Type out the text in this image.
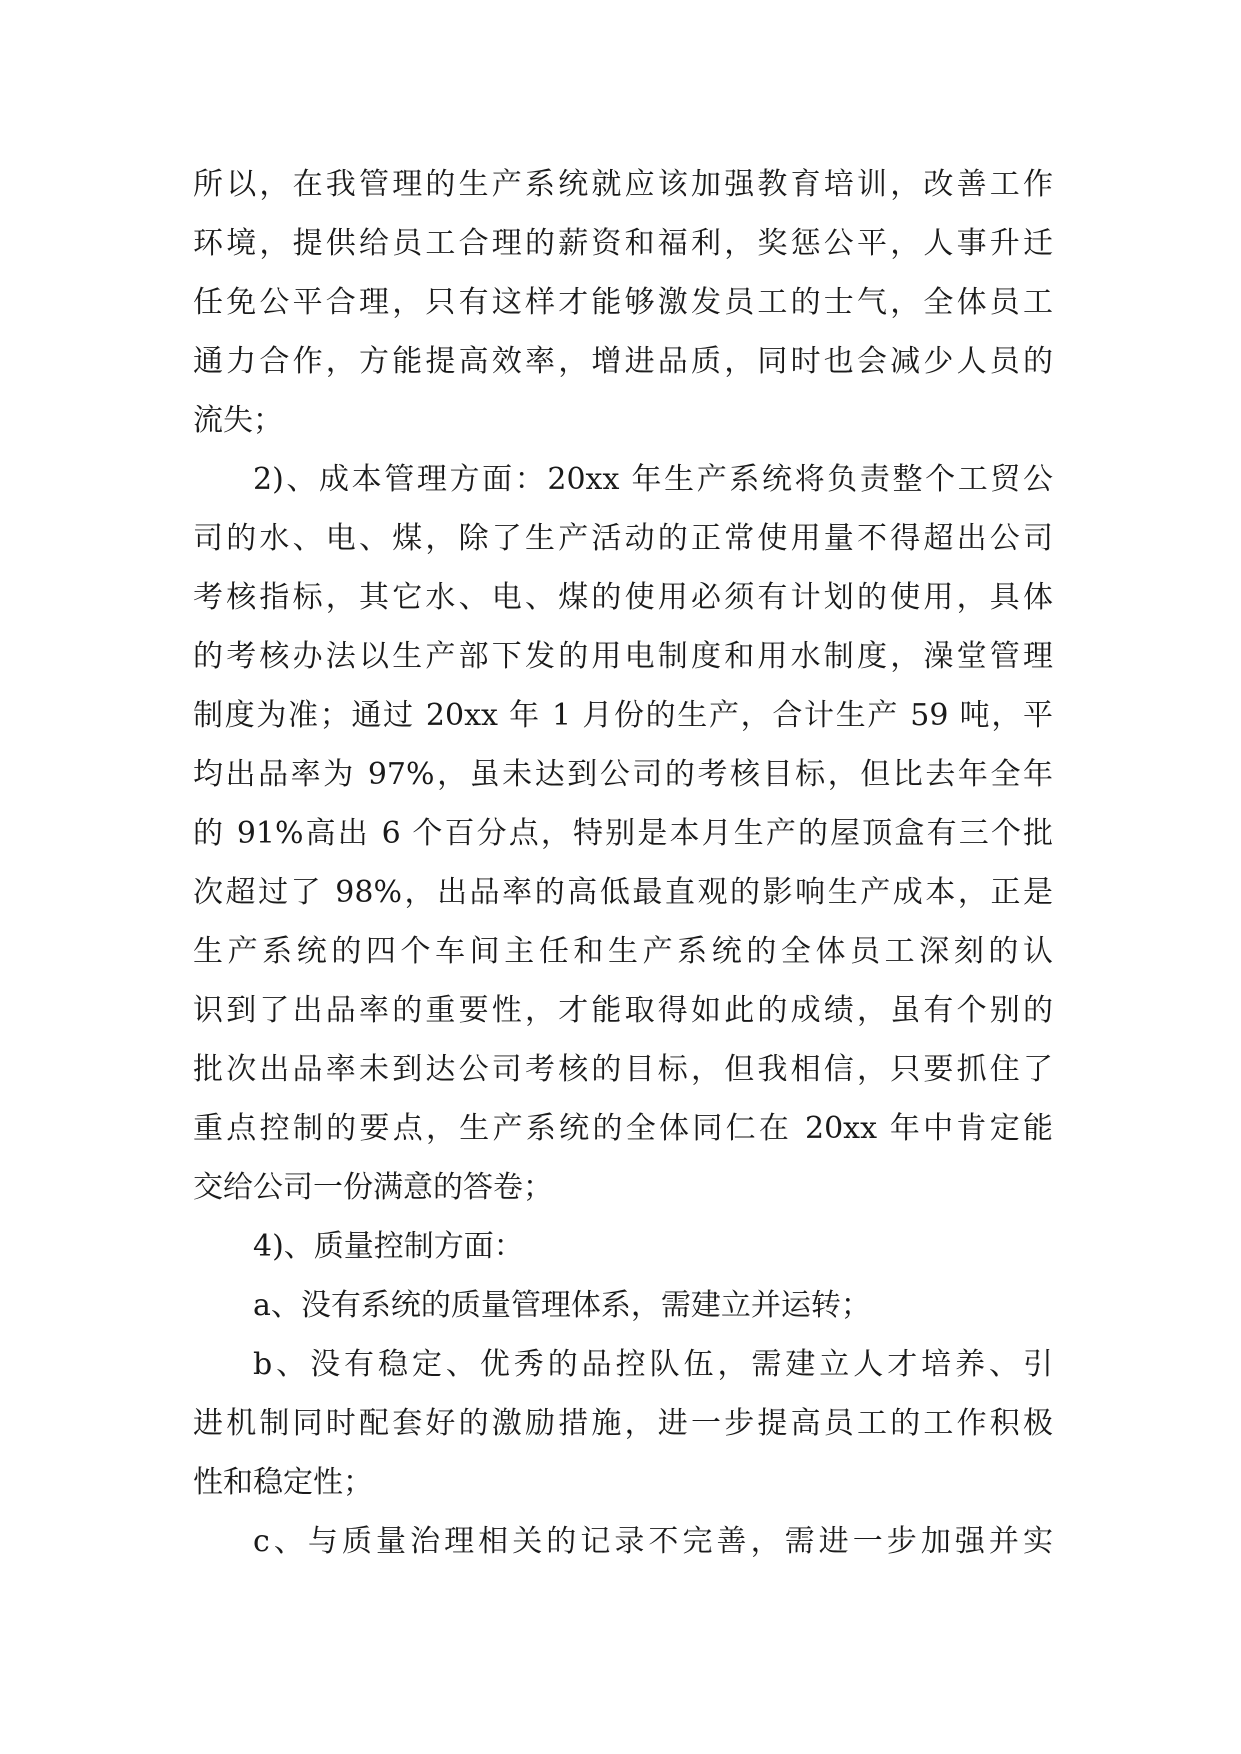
所以，在我管理的生产系统就应该加强教育培训，改善工作
环境，提供给员工合理的薪资和福利，奖惩公平，人事升迁
任免公平合理，只有这样才能够激发员工的士气，全体员工
通力合作，方能提高效率，增进品质，同时也会减少人员的
流失；
2)、成本管理方面：20xx 年生产系统将负责整个工贸公
司的水、电、煤，除了生产活动的正常使用量不得超出公司
考核指标，其它水、电、煤的使用必须有计划的使用，具体
的考核办法以生产部下发的用电制度和用水制度，澡堂管理
制度为准；通过 20xx 年 1 月份的生产，合计生产 59 吨，平
均出品率为 97%，虽未达到公司的考核目标，但比去年全年
的 91%高出 6 个百分点，特别是本月生产的屋顶盒有三个批
次超过了 98%，出品率的高低最直观的影响生产成本，正是
生产系统的四个车间主任和生产系统的全体员工深刻的认
识到了出品率的重要性，才能取得如此的成绩，虽有个别的
批次出品率未到达公司考核的目标，但我相信，只要抓住了
重点控制的要点，生产系统的全体同仁在 20xx 年中肯定能
交给公司一份满意的答卷；
4)、质量控制方面：
a、没有系统的质量管理体系，需建立并运转；
b、没有稳定、优秀的品控队伍，需建立人才培养、引
进机制同时配套好的激励措施，进一步提高员工的工作积极
性和稳定性；
c、与质量治理相关的记录不完善，需进一步加强并实
